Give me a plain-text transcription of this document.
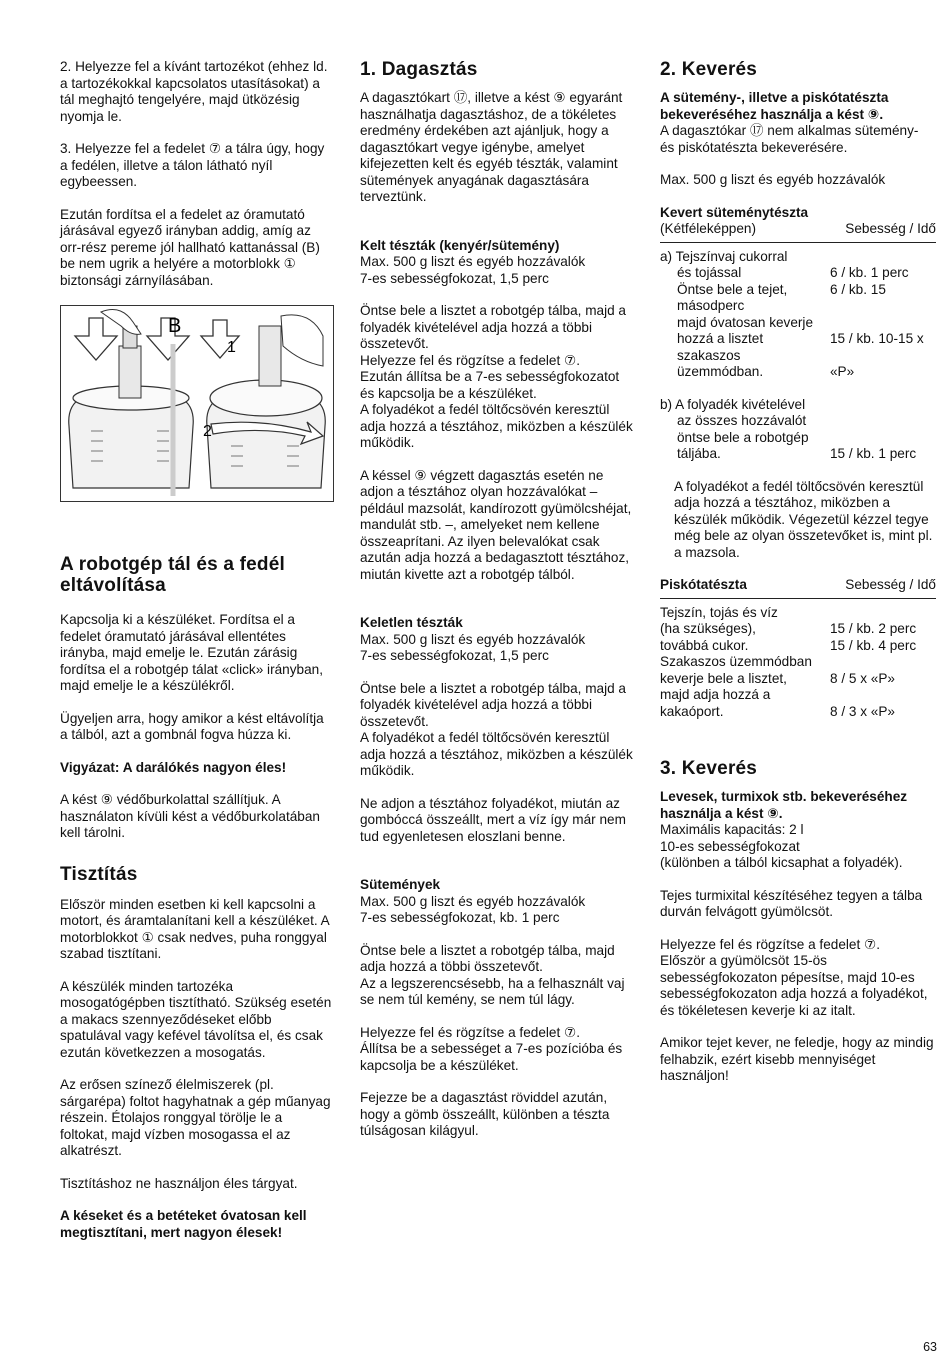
2. Helyezze fel a kívánt tartozékot (ehhez ld. a tartozékokkal kapcsolatos utasításokat) a tál meghajtó tengelyére, majd ütközésig nyomja le.

3. Helyezze fel a fedelet ⑦ a tálra úgy, hogy a fedélen, illetve a tálon látható nyíl egybeessen.

Ezután fordítsa el a fedelet az óramutató járásával egyező irányban addig, amíg az orr-rész pereme jól hallható kattanással (B) be nem ugrik a helyére a motorblokk ① biztonsági zárnyílásában.

B
1
2
A robotgép tál és a fedél eltávolítása

Kapcsolja ki a készüléket. Fordítsa el a fedelet óramutató járásával ellentétes irányba, majd emelje le. Ezután zárásig fordítsa el a robotgép tálat «click» irányban, majd emelje le a készülékről.

Ügyeljen arra, hogy amikor a kést eltávolítja a tálból, azt a gombnál fogva húzza ki.

Vigyázat: A darálókés nagyon éles!

A kést ⑨ védőburkolattal szállítjuk. A használaton kívüli kést a védőburkolatában kell tárolni.

Tisztítás

Először minden esetben ki kell kapcsolni a motort, és áramtalanítani kell a készüléket. A motorblokkot ① csak nedves, puha ronggyal szabad tisztítani.

A készülék minden tartozéka mosogatógépben tisztítható. Szükség esetén a makacs szennyeződéseket előbb spatulával vagy kefével távolítsa el, és csak ezután következzen a mosogatás.

Az erősen színező élelmiszerek (pl. sárgarépa) foltot hagyhatnak a gép műanyag részein. Étolajos ronggyal törölje le a foltokat, majd vízben mosogassa el az alkatrészt.

Tisztításhoz ne használjon éles tárgyat.

A késeket és a betéteket óvatosan kell megtisztítani, mert nagyon élesek!

1. Dagasztás

A dagasztókart ⑰, illetve a kést ⑨ egyaránt használhatja dagasztáshoz, de a tökéletes eredmény érdekében azt ajánljuk, hogy a dagasztókart vegye igénybe, amelyet kifejezetten kelt és egyéb tészták, valamint sütemények anyagának dagasztására terveztünk.

Kelt tészták (kenyér/sütemény)

Max. 500 g liszt és egyéb hozzávalók
7-es sebességfokozat, 1,5 perc

Öntse bele a lisztet a robotgép tálba, majd a folyadék kivételével adja hozzá a többi összetevőt.
Helyezze fel és rögzítse a fedelet ⑦.
Ezután állítsa be a 7-es sebességfokozatot és kapcsolja be a készüléket.
A folyadékot a fedél töltőcsövén keresztül adja hozzá a tésztához, miközben a készülék működik.

A késsel ⑨ végzett dagasztás esetén ne adjon a tésztához olyan hozzávalókat – például mazsolát, kandírozott gyümölcshéjat, mandulát stb. –, amelyeket nem kellene összeaprítani. Az ilyen belevalókat csak azután adja hozzá a bedagasztott tésztához, miután kivette azt a robotgép tálból.

Keletlen tészták

Max. 500 g liszt és egyéb hozzávalók
7-es sebességfokozat, 1,5 perc

Öntse bele a lisztet a robotgép tálba, majd a folyadék kivételével adja hozzá a többi összetevőt.
A folyadékot a fedél töltőcsövén keresztül adja hozzá a tésztához, miközben a készülék működik.

Ne adjon a tésztához folyadékot, miután az gombóccá összeállt, mert a víz így már nem tud egyenletesen eloszlani benne.

Sütemények

Max. 500 g liszt és egyéb hozzávalók
7-es sebességfokozat, kb. 1 perc

Öntse bele a lisztet a robotgép tálba, majd adja hozzá a többi összetevőt.
Az a legszerencsésebb, ha a felhasznált vaj se nem túl kemény, se nem túl lágy.

Helyezze fel és rögzítse a fedelet ⑦.
Állítsa be a sebességet a 7-es pozícióba és kapcsolja be a készüléket.

Fejezze be a dagasztást röviddel azután, hogy a gömb összeállt, különben a tészta túlságosan kilágyul.

2. Keverés
A sütemény-, illetve a piskótatészta bekeveréséhez használja a kést ⑨.

A dagasztókar ⑰ nem alkalmas sütemény- és piskótatészta bekeverésére.

Max. 500 g liszt és egyéb hozzávalók

Kevert süteménytészta
(Kétféleképpen)	Sebesség / Idő
a) Tejszínvaj cukorral
és tojással	6 / kb. 1 perc
Öntse bele a tejet,	6 / kb. 15
másodperc
majd óvatosan keverje
hozzá a lisztet	15 / kb. 10-15 x
szakaszos
üzemmódban.	«P»
b) A folyadék kivételével
az összes hozzávalót
öntse bele a robotgép
táljába.	15 / kb. 1 perc

A folyadékot a fedél töltőcsövén keresztül adja hozzá a tésztához, miközben a készülék működik. Végezetül kézzel tegye még bele az olyan összetevőket is, mint pl. a mazsola.

Piskótatészta	Sebesség / Idő
Tejszín, tojás és víz
(ha szükséges),	15 / kb. 2 perc
továbbá cukor.	15 / kb. 4 perc
Szakaszos üzemmódban
keverje bele a lisztet,	8 / 5 x «P»
majd adja hozzá a
kakaóport.	8 / 3 x «P»
3. Keverés
Levesek, turmixok stb. bekeveréséhez használja a kést ⑨.

Maximális kapacitás: 2 l
10-es sebességfokozat
(különben a tálból kicsaphat a folyadék).

Tejes turmixital készítéséhez tegyen a tálba durván felvágott gyümölcsöt.

Helyezze fel és rögzítse a fedelet ⑦.
Először a gyümölcsöt 15-ös sebességfokozaton pépesítse, majd 10-es sebességfokozaton adja hozzá a folyadékot, és tökéletesen keverje ki az italt.

Amikor tejet kever, ne feledje, hogy az mindig felhabzik, ezért kisebb mennyiséget használjon!

63
